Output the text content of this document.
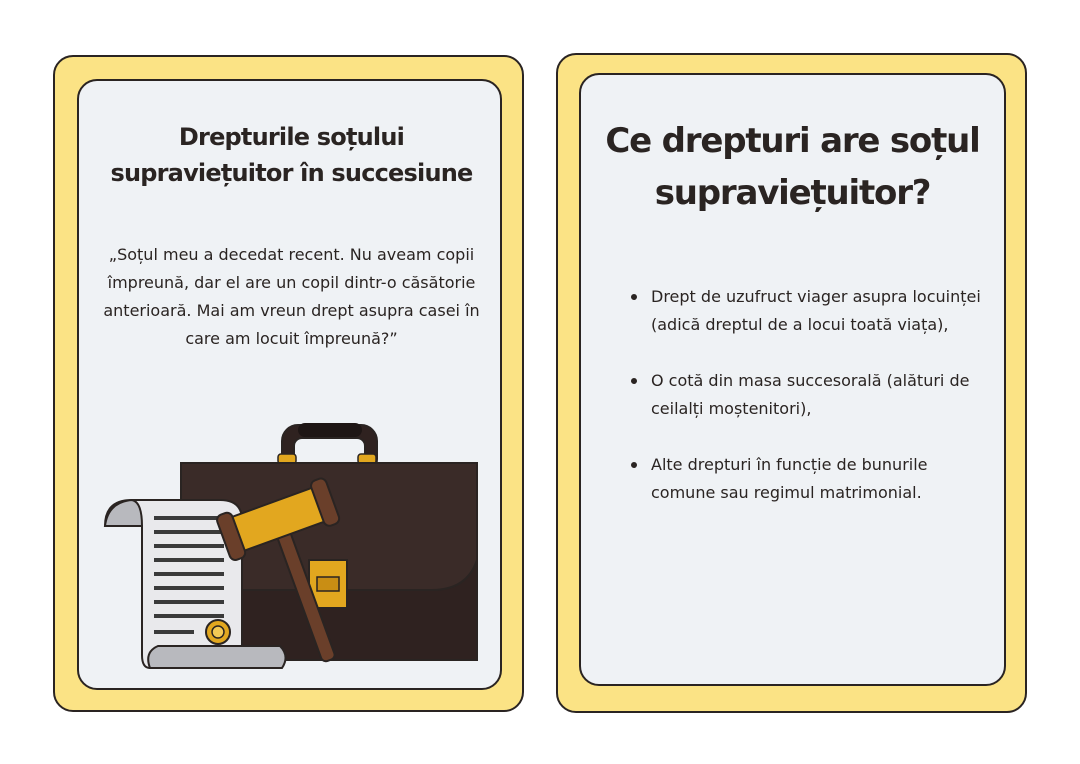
Drepturile soțului supraviețuitor în succesiune

„Soțul meu a decedat recent. Nu aveam copii împreună, dar el are un copil dintr-o căsătorie anterioară. Mai am vreun drept asupra casei în care am locuit împreună?”

Ce drepturi are soțul supraviețuitor?
Drept de uzufruct viager asupra locuinței (adică dreptul de a locui toată viața),
O cotă din masa succesorală (alături de ceilalți moștenitori),
Alte drepturi în funcție de bunurile comune sau regimul matrimonial.
